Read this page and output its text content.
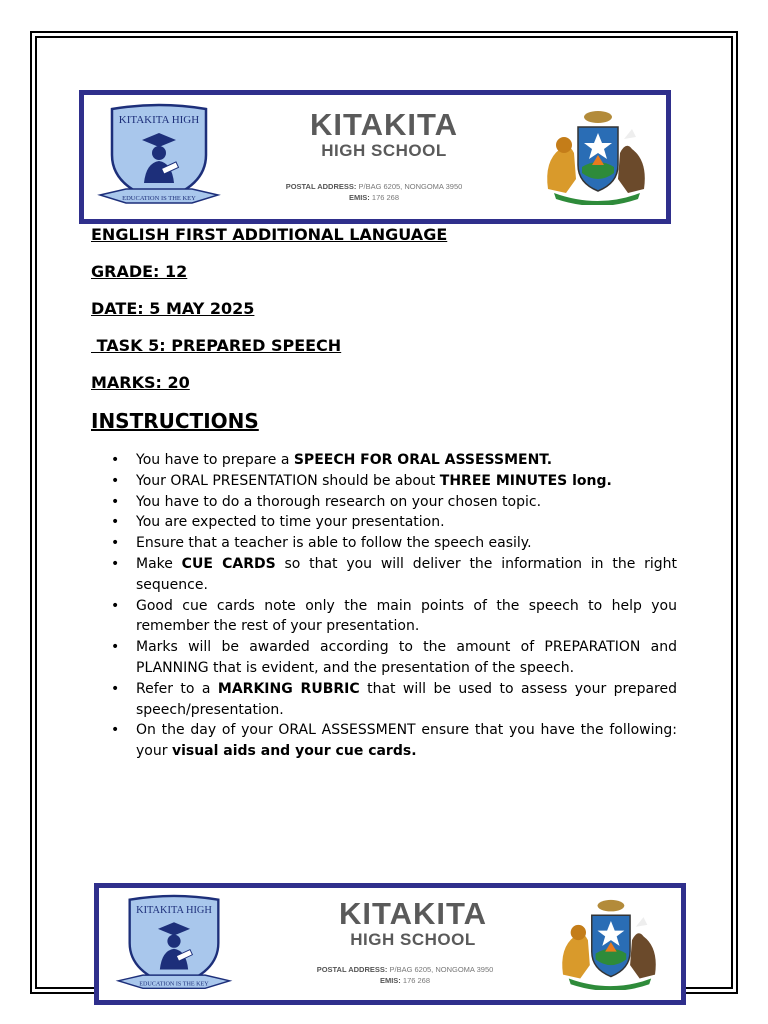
KITAKITA HIGH
EDUCATION IS THE KEY
KITAKITA
HIGH SCHOOL
POSTAL ADDRESS: P/BAG 6205, NONGOMA 3950
EMIS: 176 268
ENGLISH FIRST ADDITIONAL LANGUAGE
GRADE: 12
DATE: 5 MAY 2025
TASK 5: PREPARED SPEECH
MARKS: 20
INSTRUCTIONS
• You have to prepare a SPEECH FOR ORAL ASSESSMENT.
• Your ORAL PRESENTATION should be about THREE MINUTES long.
• You have to do a thorough research on your chosen topic.
• You are expected to time your presentation.
• Ensure that a teacher is able to follow the speech easily.
• Make CUE CARDS so that you will deliver the information in the right sequence.
• Good cue cards note only the main points of the speech to help you remember the rest of your presentation.
• Marks will be awarded according to the amount of PREPARATION and PLANNING that is evident, and the presentation of the speech.
• Refer to a MARKING RUBRIC that will be used to assess your prepared speech/presentation.
• On the day of your ORAL ASSESSMENT ensure that you have the following: your visual aids and your cue cards.
KITAKITA HIGH
EDUCATION IS THE KEY
KITAKITA
HIGH SCHOOL
POSTAL ADDRESS: P/BAG 6205, NONGOMA 3950
EMIS: 176 268
